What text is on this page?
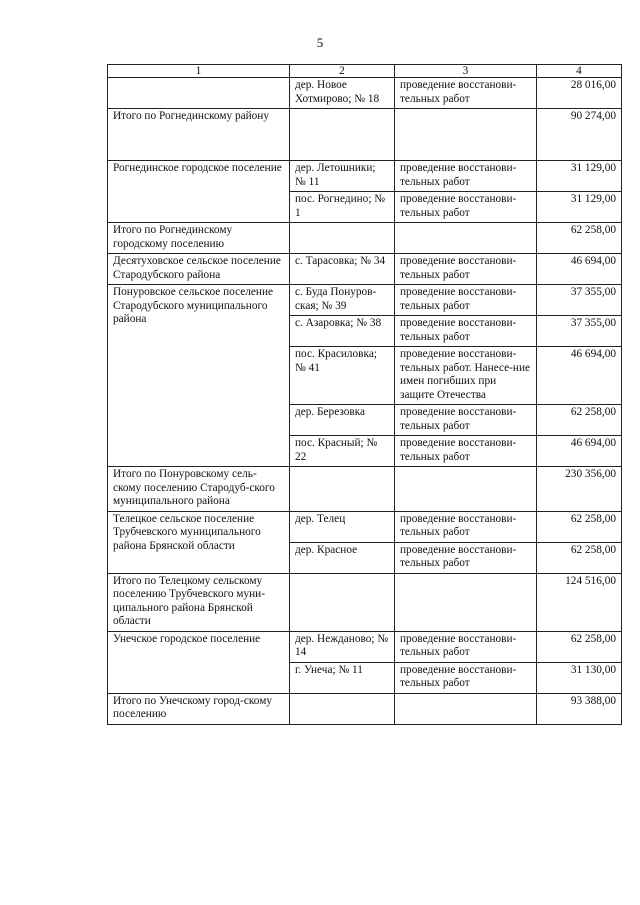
5
1	2	3	4
	дер. Новое Хотмирово; № 18	проведение восстанови-тельных работ	28 016,00
Итого по Рогнединскому району			90 274,00
Рогнединское городское поселение	дер. Летошники; № 11	проведение восстанови-тельных работ	31 129,00
	пос. Рогнедино; № 1	проведение восстанови-тельных работ	31 129,00
Итого по Рогнединскому городскому поселению			62 258,00
Десятуховское сельское поселение Стародубского района	с. Тарасовка; № 34	проведение восстанови-тельных работ	46 694,00
Понуровское сельское поселение Стародубского муниципального района	с. Буда Понуров-ская; № 39	проведение восстанови-тельных работ	37 355,00
	с. Азаровка; № 38	проведение восстанови-тельных работ	37 355,00
	пос. Красиловка; № 41	проведение восстанови-тельных работ. Нанесе-ние имен погибших при защите Отечества	46 694,00
	дер. Березовка	проведение восстанови-тельных работ	62 258,00
	пос. Красный; № 22	проведение восстанови-тельных работ	46 694,00
Итого по Понуровскому сель-скому поселению Стародуб-ского муниципального района			230 356,00
Телецкое сельское поселение Трубчевского муниципального района Брянской области	дер. Телец	проведение восстанови-тельных работ	62 258,00
	дер. Красное	проведение восстанови-тельных работ	62 258,00
Итого по Телецкому сельскому поселению Трубчевского муни-ципального района Брянской области			124 516,00
Унечское городское поселение	дер. Нежданово; № 14	проведение восстанови-тельных работ	62 258,00
	г. Унеча; № 11	проведение восстанови-тельных работ	31 130,00
Итого по Унечскому город-скому поселению			93 388,00
